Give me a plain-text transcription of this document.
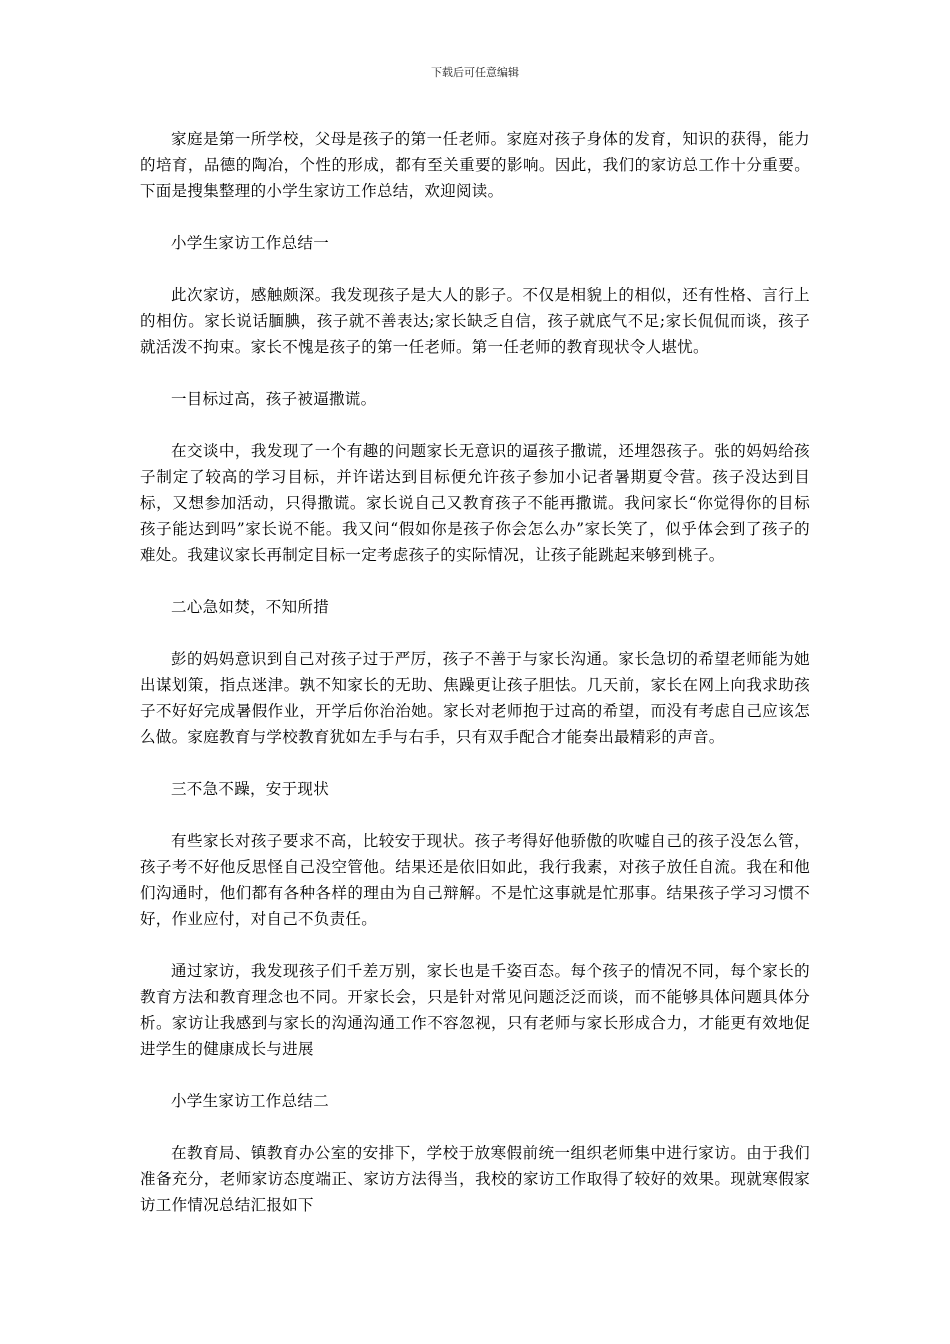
下载后可任意编辑

家庭是第一所学校，父母是孩子的第一任老师。家庭对孩子身体的发育，知识的获得，能力的培育，品德的陶冶，个性的形成，都有至关重要的影响。因此，我们的家访总工作十分重要。下面是搜集整理的小学生家访工作总结，欢迎阅读。

小学生家访工作总结一

此次家访，感触颇深。我发现孩子是大人的影子。不仅是相貌上的相似，还有性格、言行上的相仿。家长说话腼腆，孩子就不善表达;家长缺乏自信，孩子就底气不足;家长侃侃而谈，孩子就活泼不拘束。家长不愧是孩子的第一任老师。第一任老师的教育现状令人堪忧。

一目标过高，孩子被逼撒谎。

在交谈中，我发现了一个有趣的问题家长无意识的逼孩子撒谎，还埋怨孩子。张的妈妈给孩子制定了较高的学习目标，并许诺达到目标便允许孩子参加小记者暑期夏令营。孩子没达到目标，又想参加活动，只得撒谎。家长说自己又教育孩子不能再撒谎。我问家长“你觉得你的目标孩子能达到吗”家长说不能。我又问“假如你是孩子你会怎么办”家长笑了，似乎体会到了孩子的难处。我建议家长再制定目标一定考虑孩子的实际情况，让孩子能跳起来够到桃子。

二心急如焚，不知所措

彭的妈妈意识到自己对孩子过于严厉，孩子不善于与家长沟通。家长急切的希望老师能为她出谋划策，指点迷津。孰不知家长的无助、焦躁更让孩子胆怯。几天前，家长在网上向我求助孩子不好好完成暑假作业，开学后你治治她。家长对老师抱于过高的希望，而没有考虑自己应该怎么做。家庭教育与学校教育犹如左手与右手，只有双手配合才能奏出最精彩的声音。

三不急不躁，安于现状

有些家长对孩子要求不高，比较安于现状。孩子考得好他骄傲的吹嘘自己的孩子没怎么管，孩子考不好他反思怪自己没空管他。结果还是依旧如此，我行我素，对孩子放任自流。我在和他们沟通时，他们都有各种各样的理由为自己辩解。不是忙这事就是忙那事。结果孩子学习习惯不好，作业应付，对自己不负责任。

通过家访，我发现孩子们千差万别，家长也是千姿百态。每个孩子的情况不同，每个家长的教育方法和教育理念也不同。开家长会，只是针对常见问题泛泛而谈，而不能够具体问题具体分析。家访让我感到与家长的沟通沟通工作不容忽视，只有老师与家长形成合力，才能更有效地促进学生的健康成长与进展

小学生家访工作总结二

在教育局、镇教育办公室的安排下，学校于放寒假前统一组织老师集中进行家访。由于我们准备充分，老师家访态度端正、家访方法得当，我校的家访工作取得了较好的效果。现就寒假家访工作情况总结汇报如下
